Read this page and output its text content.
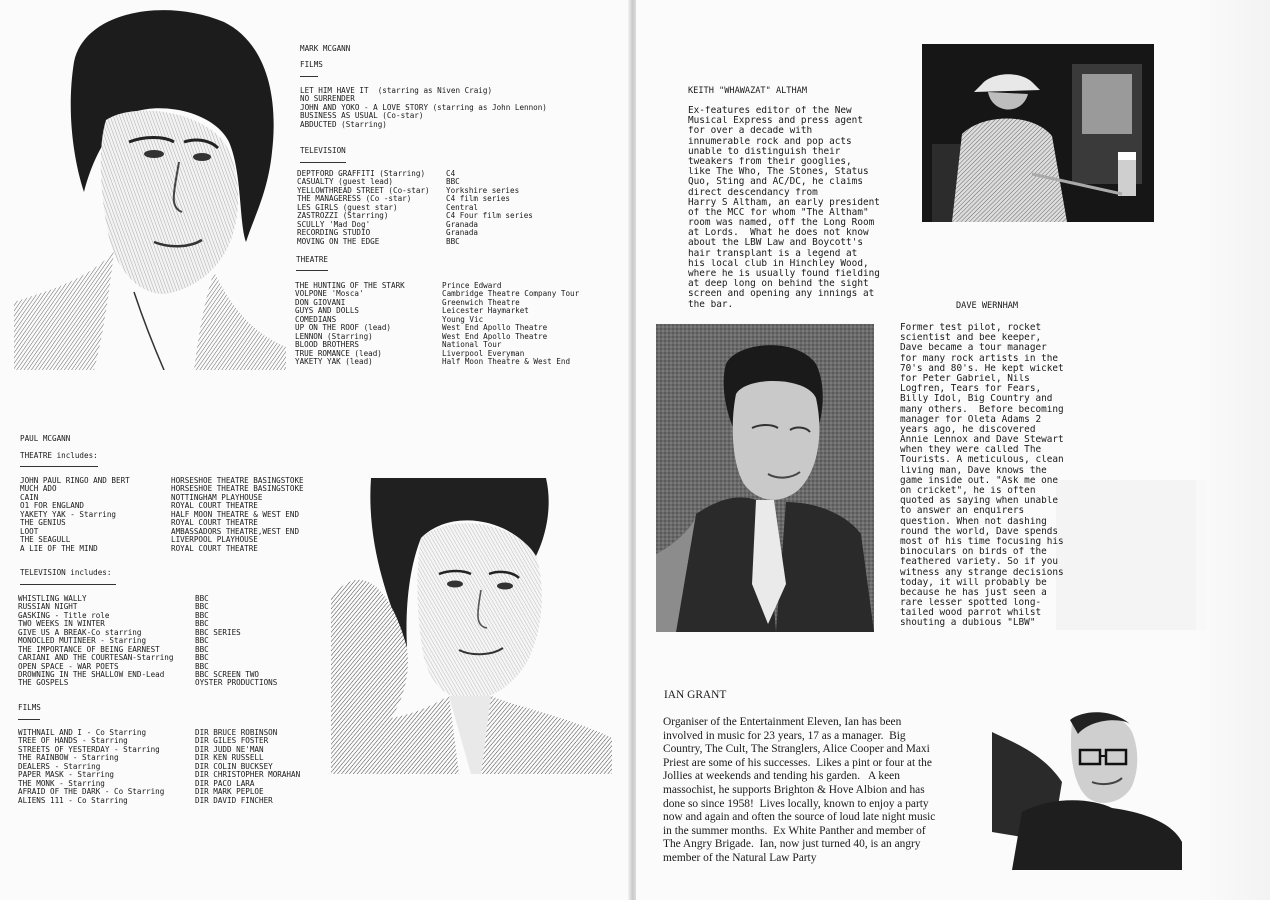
MARK MCGANN
FILMS
LET HIM HAVE IT  (starring as Niven Craig)
NO SURRENDER
JOHN AND YOKO - A LOVE STORY (starring as John Lennon)
BUSINESS AS USUAL (Co-star)
ABDUCTED (Starring)
TELEVISION
DEPTFORD GRAFFITI (Starring)
CASUALTY (guest lead)
YELLOWTHREAD STREET (Co-star)
THE MANAGERESS (Co -star)
LES GIRLS (guest star)
ZASTROZZI (Starring)
SCULLY 'Mad Dog'
RECORDING STUDIO
MOVING ON THE EDGE
C4
BBC
Yorkshire series
C4 film series
Central
C4 Four film series
Granada
Granada
BBC
THEATRE
THE HUNTING OF THE STARK
VOLPONE 'Mosca'
DON GIOVANI
GUYS AND DOLLS
COMEDIANS
UP ON THE ROOF (lead)
LENNON (Starring)
BLOOD BROTHERS
TRUE ROMANCE (lead)
YAKETY YAK (lead)
Prince Edward
Cambridge Theatre Company Tour
Greenwich Theatre
Leicester Haymarket
Young Vic
West End Apollo Theatre
West End Apollo Theatre
National Tour
Liverpool Everyman
Half Moon Theatre & West End
PAUL MCGANN
THEATRE includes:
JOHN PAUL RINGO AND BERT
MUCH ADO
CAIN
O1 FOR ENGLAND
YAKETY YAK - Starring
THE GENIUS
LOOT
THE SEAGULL
A LIE OF THE MIND
HORSESHOE THEATRE BASINGSTOKE
HORSESHOE THEATRE BASINGSTOKE
NOTTINGHAM PLAYHOUSE
ROYAL COURT THEATRE
HALF MOON THEATRE & WEST END
ROYAL COURT THEATRE
AMBASSADORS THEATRE,WEST END
LIVERPOOL PLAYHOUSE
ROYAL COURT THEATRE
TELEVISION includes:
WHISTLING WALLY
RUSSIAN NIGHT
GASKING - Title role
TWO WEEKS IN WINTER
GIVE US A BREAK-Co starring
MONOCLED MUTINEER - Starring
THE IMPORTANCE OF BEING EARNEST
CARIANI AND THE COURTESAN-Starring
OPEN SPACE - WAR POETS
DROWNING IN THE SHALLOW END-Lead
THE GOSPELS
BBC
BBC
BBC
BBC
BBC SERIES
BBC
BBC
BBC
BBC
BBC SCREEN TWO
OYSTER PRODUCTIONS
FILMS
WITHNAIL AND I - Co Starring
TREE OF HANDS - Starring
STREETS OF YESTERDAY - Starring
THE RAINBOW - Starring
DEALERS - Starring
PAPER MASK - Starring
THE MONK - Starring
AFRAID OF THE DARK - Co Starring
ALIENS 111 - Co Starring
DIR BRUCE ROBINSON
DIR GILES FOSTER
DIR JUDD NE'MAN
DIR KEN RUSSELL
DIR COLIN BUCKSEY
DIR CHRISTOPHER MORAHAN
DIR PACO LARA
DIR MARK PEPLOE
DIR DAVID FINCHER
KEITH "WHAWAZAT" ALTHAM
Ex-features editor of the New
Musical Express and press agent
for over a decade with
innumerable rock and pop acts
unable to distinguish their
tweakers from their googlies,
like The Who, The Stones, Status
Quo, Sting and AC/DC, he claims
direct descendancy from
Harry S Altham, an early president
of the MCC for whom "The Altham"
room was named, off the Long Room
at Lords.  What he does not know
about the LBW Law and Boycott's
hair transplant is a legend at
his local club in Hinchley Wood,
where he is usually found fielding
at deep long on behind the sight
screen and opening any innings at
the bar.	DAVE WERNHAM
Former test pilot, rocket
scientist and bee keeper,
Dave became a tour manager
for many rock artists in the
70's and 80's. He kept wicket
for Peter Gabriel, Nils
Logfren, Tears for Fears,
Billy Idol, Big Country and
many others.  Before becoming
manager for Oleta Adams 2
years ago, he discovered
Annie Lennox and Dave Stewart
when they were called The
Tourists. A meticulous, clean
living man, Dave knows the
game inside out. "Ask me one
on cricket", he is often
quoted as saying when unable
to answer an enquirers
question. When not dashing
round the world, Dave spends
most of his time focusing his
binoculars on birds of the
feathered variety. So if you
witness any strange decisions
today, it will probably be
because he has just seen a
rare lesser spotted long-
tailed wood parrot whilst
shouting a dubious "LBW"
IAN GRANT
Organiser of the Entertainment Eleven, Ian has been
involved in music for 23 years, 17 as a manager.  Big
Country, The Cult, The Stranglers, Alice Cooper and Maxi
Priest are some of his successes.  Likes a pint or four at the
Jollies at weekends and tending his garden.   A keen
massochist, he supports Brighton & Hove Albion and has
done so since 1958!  Lives locally, known to enjoy a party
now and again and often the source of loud late night music
in the summer months.  Ex White Panther and member of
The Angry Brigade.  Ian, now just turned 40, is an angry
member of the Natural Law Party
